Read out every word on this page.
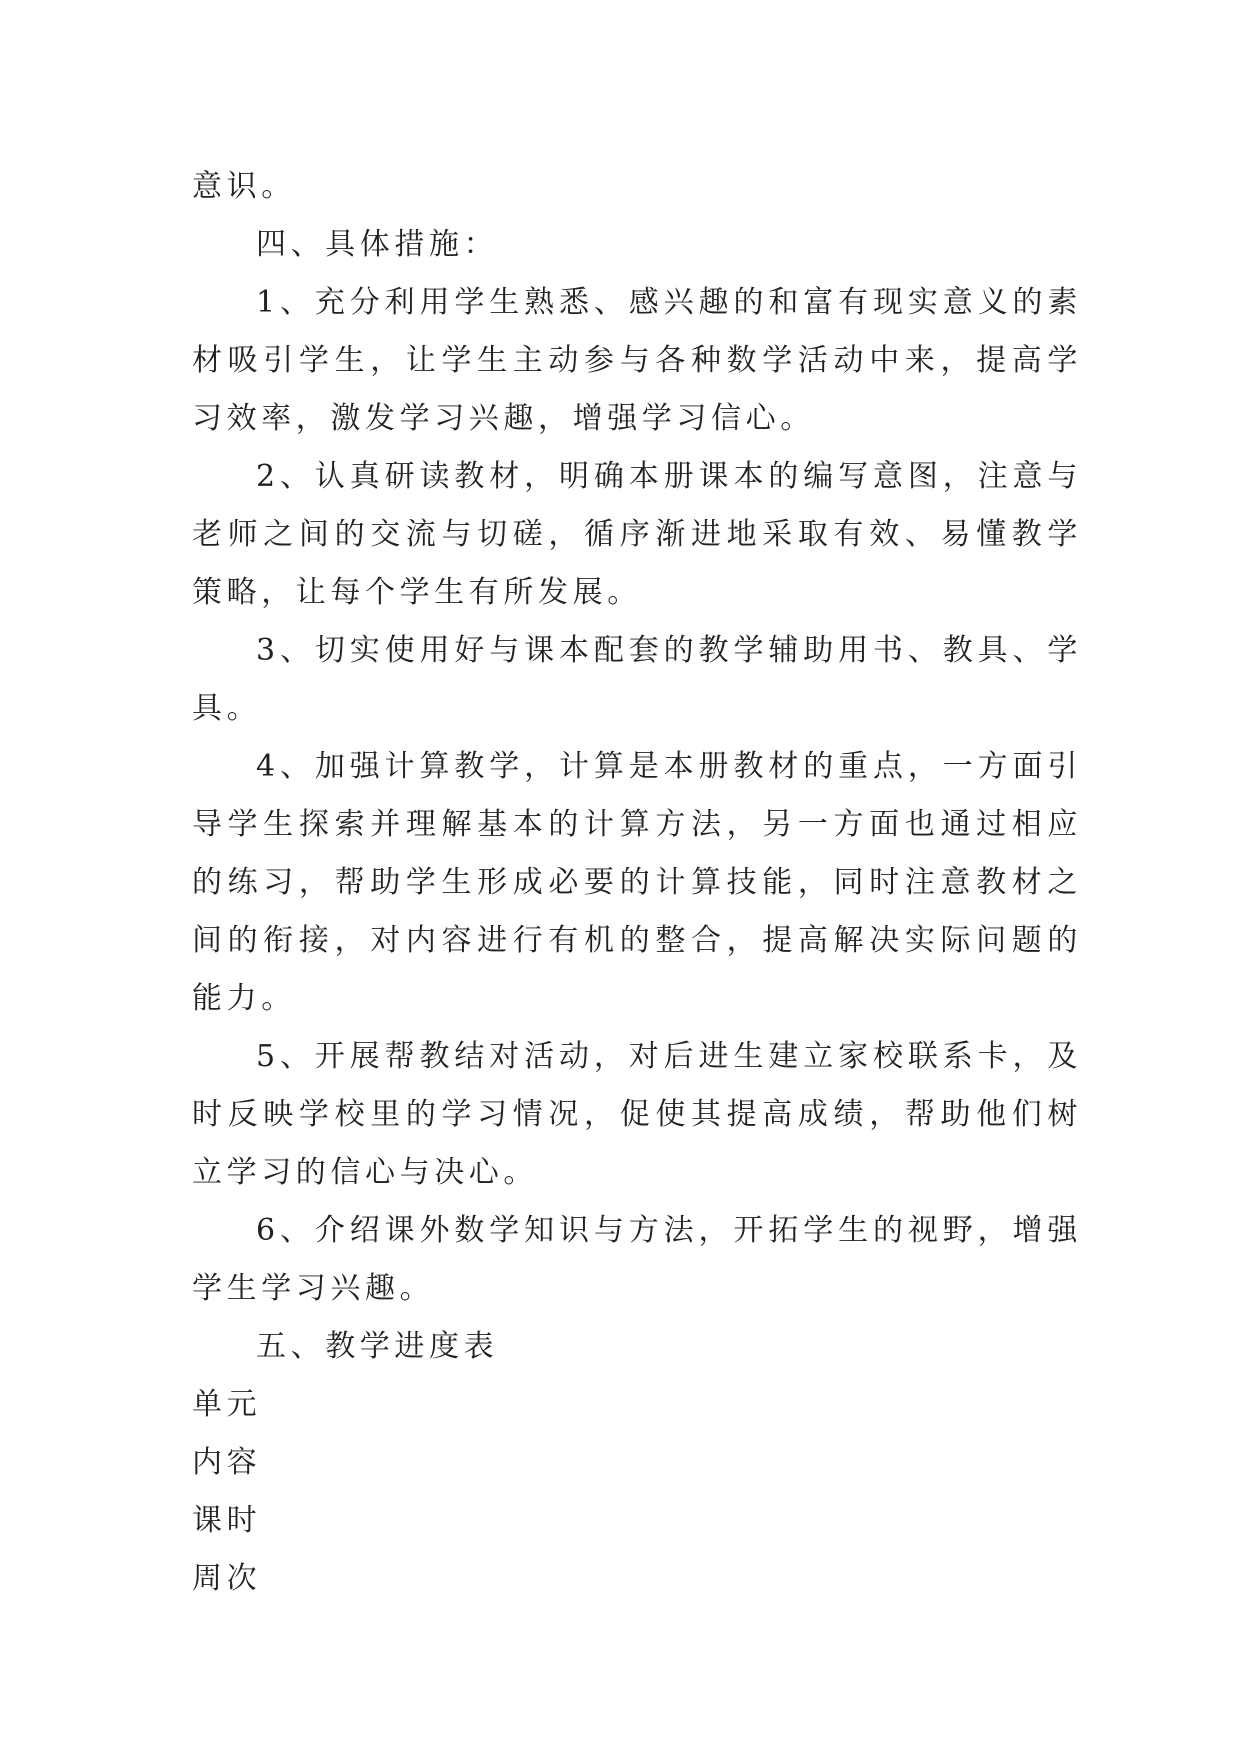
意识。

四、具体措施：

1、充分利用学生熟悉、感兴趣的和富有现实意义的素材吸引学生，让学生主动参与各种数学活动中来，提高学习效率，激发学习兴趣，增强学习信心。

2、认真研读教材，明确本册课本的编写意图，注意与老师之间的交流与切磋，循序渐进地采取有效、易懂教学策略，让每个学生有所发展。

3、切实使用好与课本配套的教学辅助用书、教具、学具。

4、加强计算教学，计算是本册教材的重点，一方面引导学生探索并理解基本的计算方法，另一方面也通过相应的练习，帮助学生形成必要的计算技能，同时注意教材之间的衔接，对内容进行有机的整合，提高解决实际问题的能力。

5、开展帮教结对活动，对后进生建立家校联系卡，及时反映学校里的学习情况，促使其提高成绩，帮助他们树立学习的信心与决心。

6、介绍课外数学知识与方法，开拓学生的视野，增强学生学习兴趣。

五、教学进度表

单元

内容

课时

周次
